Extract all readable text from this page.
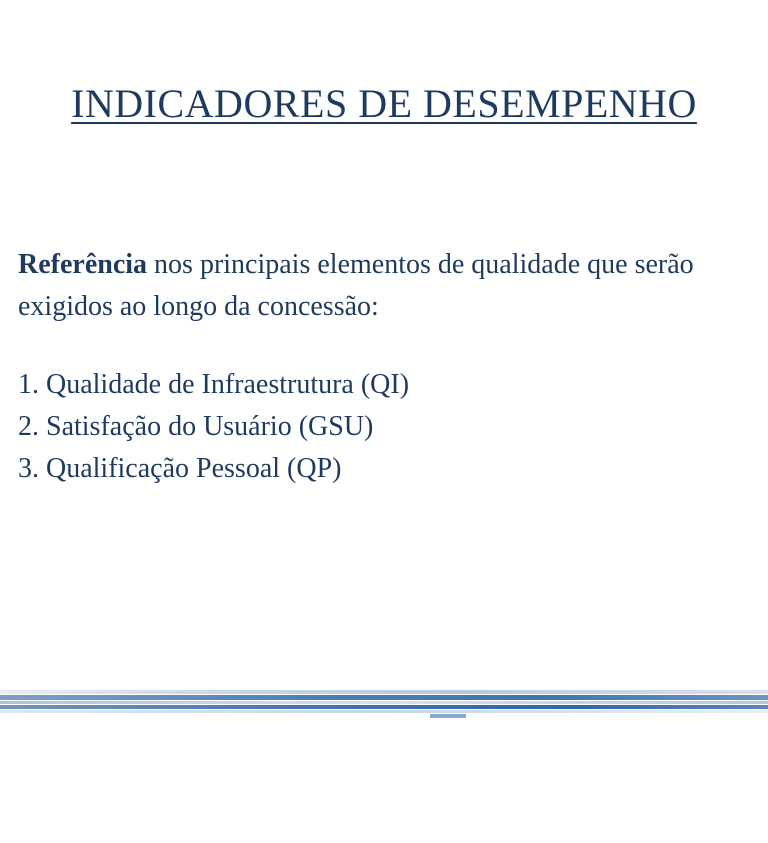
INDICADORES DE DESEMPENHO
Referência nos principais elementos de qualidade que serão exigidos ao longo da concessão:
1. Qualidade de Infraestrutura (QI)
2. Satisfação do Usuário (GSU)
3. Qualificação Pessoal (QP)
